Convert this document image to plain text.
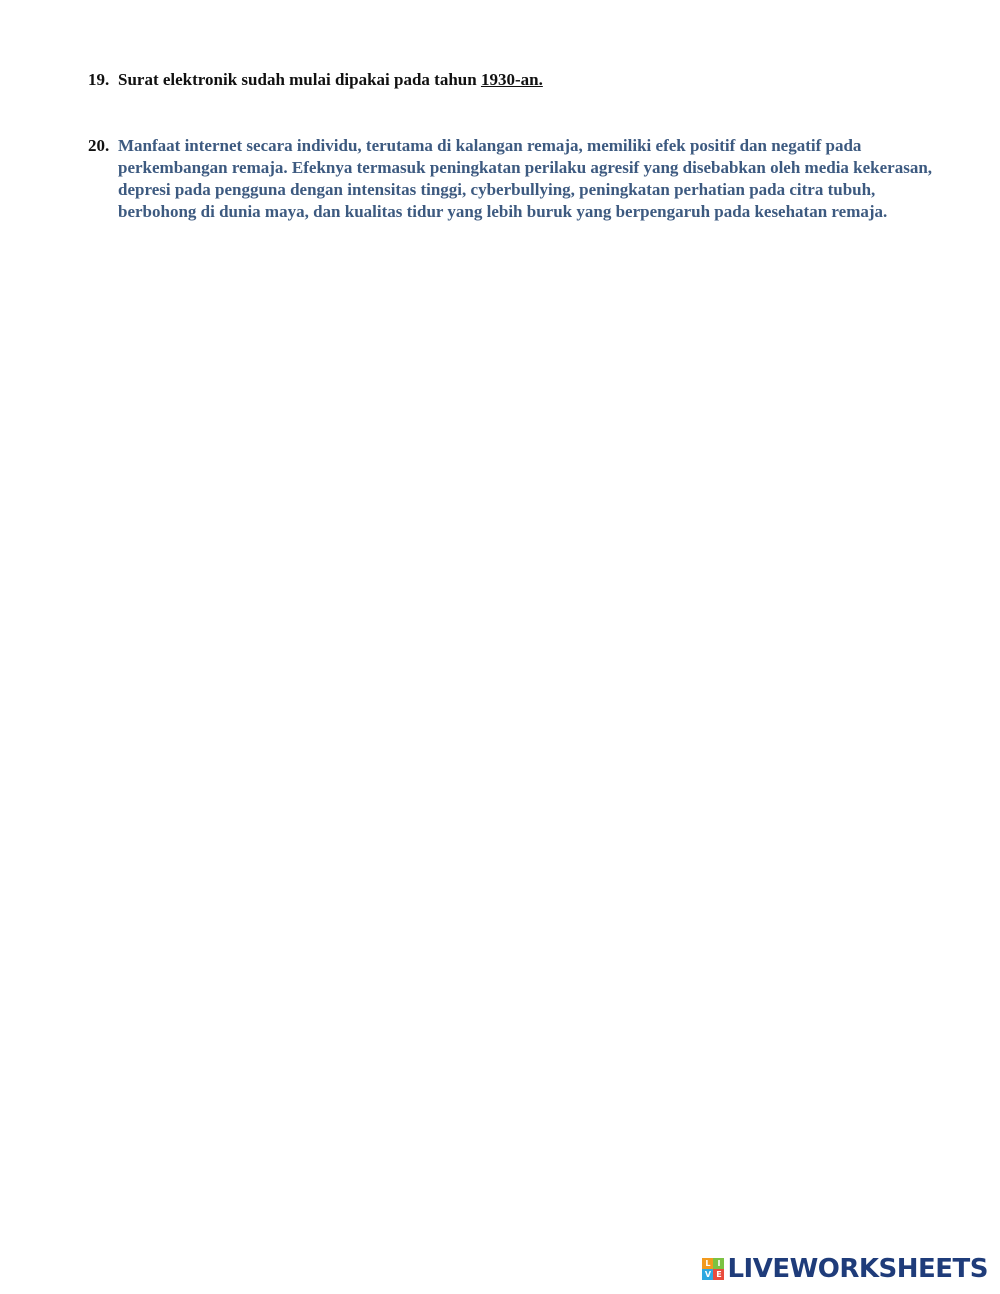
19. Surat elektronik sudah mulai dipakai pada tahun 1930-an.
20. Manfaat internet secara individu, terutama di kalangan remaja, memiliki efek positif dan negatif pada perkembangan remaja. Efeknya termasuk peningkatan perilaku agresif yang disebabkan oleh media kekerasan, depresi pada pengguna dengan intensitas tinggi, cyberbullying, peningkatan perhatian pada citra tubuh, berbohong di dunia maya, dan kualitas tidur yang lebih buruk yang berpengaruh pada kesehatan remaja.
L I
V E LIVEWORKSHEETS
